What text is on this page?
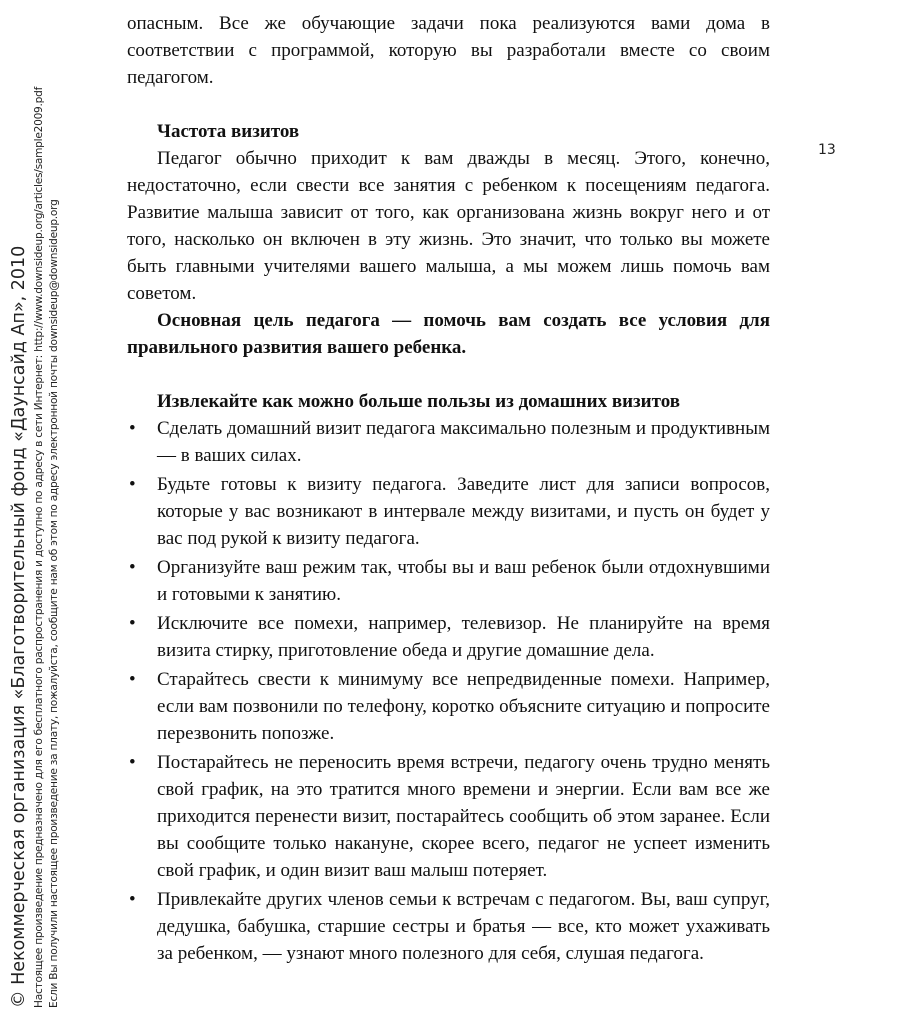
© Некоммерческая организация «Благотворительный фонд «Даунсайд Ап», 2010 Настоящее произведение предназначено для его бесплатного распространения и доступно по адресу в сети Интернет: http://www.downsideup.org/articles/sample2009.pdf Если Вы получили настоящее произведение за плату, пожалуйста, сообщите нам об этом по адресу электронной почты downsideup@downsideup.org
13

опасным. Все же обучающие задачи пока реализуются вами дома в соответствии с программой, которую вы разработали вместе со своим педагогом.

Частота визитов

Педагог обычно приходит к вам дважды в месяц. Этого, конечно, недостаточно, если свести все занятия с ребенком к посещениям педагога. Развитие малыша зависит от того, как организована жизнь вокруг него и от того, насколько он включен в эту жизнь. Это значит, что только вы можете быть главными учителями вашего малыша, а мы можем лишь помочь вам советом.

Основная цель педагога — помочь вам создать все условия для правильного развития вашего ребенка.

Извлекайте как можно больше пользы из домашних визитов
• Сделать домашний визит педагога максимально полезным и продуктивным — в ваших силах.
• Будьте готовы к визиту педагога. Заведите лист для записи вопросов, которые у вас возникают в интервале между визитами, и пусть он будет у вас под рукой к визиту педагога.
• Организуйте ваш режим так, чтобы вы и ваш ребенок были отдохнувшими и готовыми к занятию.
• Исключите все помехи, например, телевизор. Не планируйте на время визита стирку, приготовление обеда и другие домашние дела.
• Старайтесь свести к минимуму все непредвиденные помехи. Например, если вам позвонили по телефону, коротко объясните ситуацию и попросите перезвонить попозже.
• Постарайтесь не переносить время встречи, педагогу очень трудно менять свой график, на это тратится много времени и энергии. Если вам все же приходится перенести визит, постарайтесь сообщить об этом заранее. Если вы сообщите только накануне, скорее всего, педагог не успеет изменить свой график, и один визит ваш малыш потеряет.
• Привлекайте других членов семьи к встречам с педагогом. Вы, ваш супруг, дедушка, бабушка, старшие сестры и братья — все, кто может ухаживать за ребенком, — узнают много полезного для себя, слушая педагога.
